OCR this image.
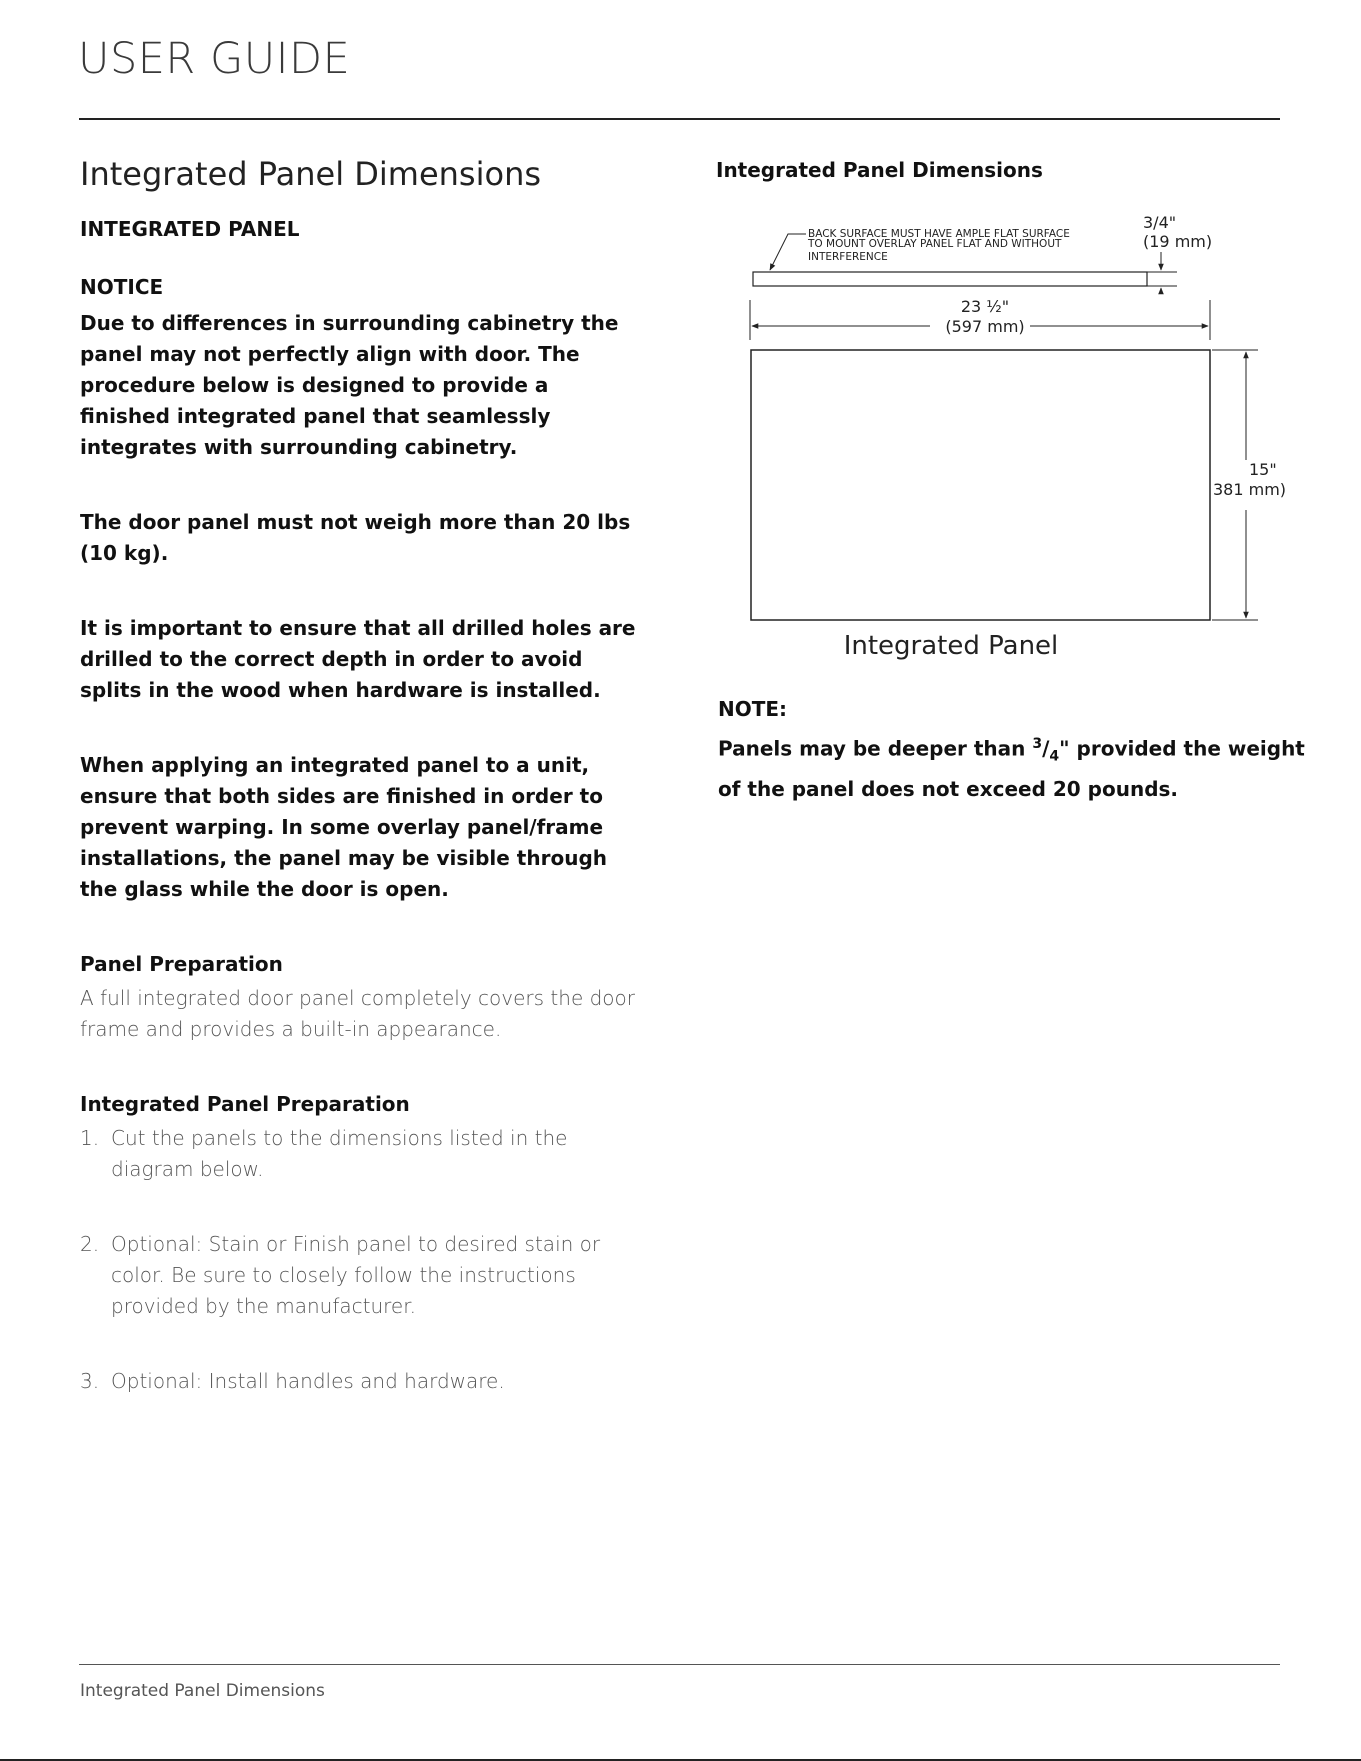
USER GUIDE
Integrated Panel Dimensions

INTEGRATED PANEL

NOTICE

Due to differences in surrounding cabinetry the panel may not perfectly align with door. The procedure below is designed to provide a finished integrated panel that seamlessly integrates with surrounding cabinetry.

The door panel must not weigh more than 20 lbs (10 kg).

It is important to ensure that all drilled holes are drilled to the correct depth in order to avoid splits in the wood when hardware is installed.

When applying an integrated panel to a unit, ensure that both sides are finished in order to prevent warping. In some overlay panel/frame installations, the panel may be visible through the glass while the door is open.

Panel Preparation

A full integrated door panel completely covers the door frame and provides a built-in appearance.

Integrated Panel Preparation

1. Cut the panels to the dimensions listed in the diagram below.
2. Optional: Stain or Finish panel to desired stain or color. Be sure to closely follow the instructions provided by the manufacturer.
3. Optional: Install handles and hardware.

Integrated Panel Dimensions

BACK SURFACE MUST HAVE AMPLE FLAT SURFACE
TO MOUNT OVERLAY PANEL FLAT AND WITHOUT
INTERFERENCE
3/4"
(19 mm)
23 ½"
(597 mm)
15"
381 mm)
Integrated Panel

NOTE:

Panels may be deeper than $^3/_4$" provided the weight of the panel does not exceed 20 pounds.

Integrated Panel Dimensions
